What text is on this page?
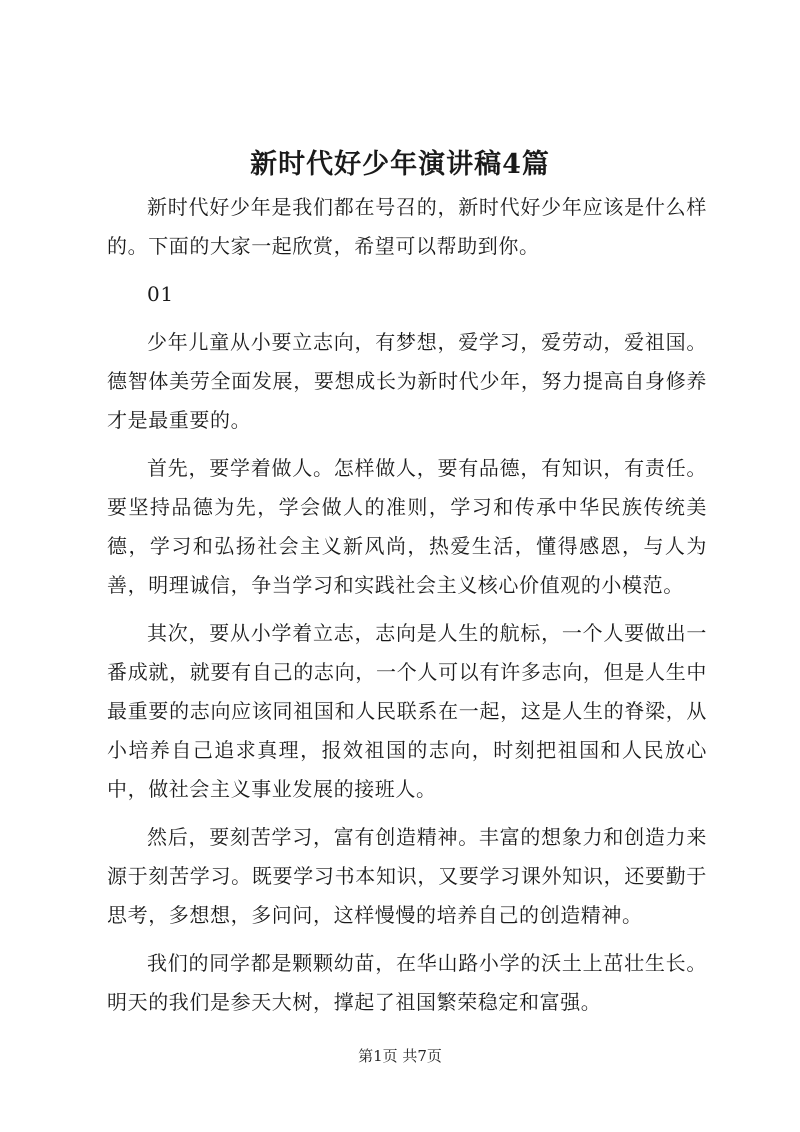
新时代好少年演讲稿4篇

新时代好少年是我们都在号召的，新时代好少年应该是什么样的。下面的大家一起欣赏，希望可以帮助到你。

01

少年儿童从小要立志向，有梦想，爱学习，爱劳动，爱祖国。德智体美劳全面发展，要想成长为新时代少年，努力提高自身修养才是最重要的。

首先，要学着做人。怎样做人，要有品德，有知识，有责任。要坚持品德为先，学会做人的准则，学习和传承中华民族传统美德，学习和弘扬社会主义新风尚，热爱生活，懂得感恩，与人为善，明理诚信，争当学习和实践社会主义核心价值观的小模范。

其次，要从小学着立志，志向是人生的航标，一个人要做出一番成就，就要有自己的志向，一个人可以有许多志向，但是人生中最重要的志向应该同祖国和人民联系在一起，这是人生的脊梁，从小培养自己追求真理，报效祖国的志向，时刻把祖国和人民放心中，做社会主义事业发展的接班人。

然后，要刻苦学习，富有创造精神。丰富的想象力和创造力来源于刻苦学习。既要学习书本知识，又要学习课外知识，还要勤于思考，多想想，多问问，这样慢慢的培养自己的创造精神。

我们的同学都是颗颗幼苗，在华山路小学的沃土上茁壮生长。明天的我们是参天大树，撑起了祖国繁荣稳定和富强。

第1页 共7页
